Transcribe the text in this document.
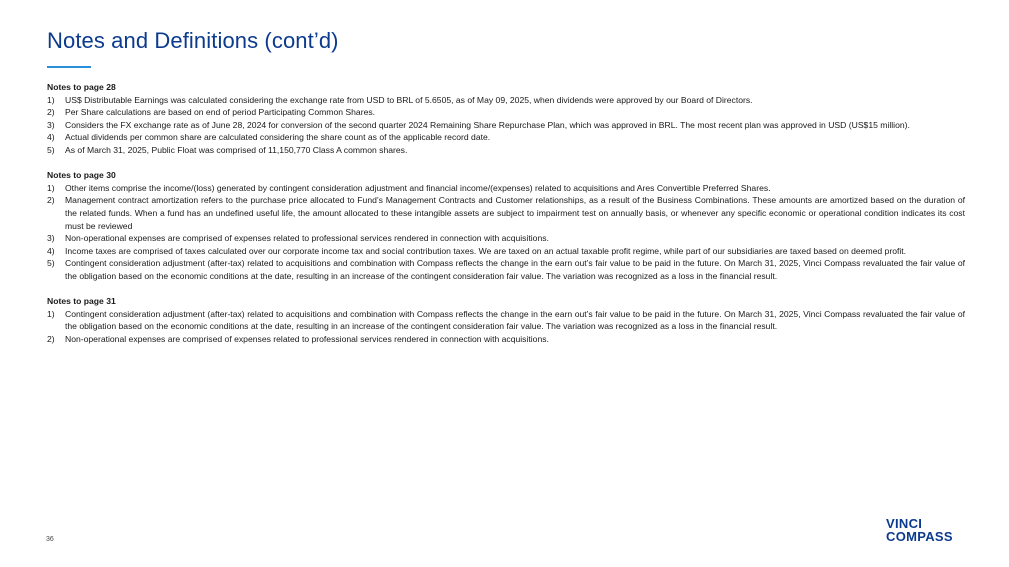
Notes and Definitions (cont’d)
Notes to page 28
1)	US$ Distributable Earnings was calculated considering the exchange rate from USD to BRL of 5.6505, as of May 09, 2025, when dividends were approved by our Board of Directors.
2)	Per Share calculations are based on end of period Participating Common Shares.
3)	Considers the FX exchange rate as of June 28, 2024 for conversion of the second quarter 2024 Remaining Share Repurchase Plan, which was approved in BRL. The most recent plan was approved in USD (US$15 million).
4)	Actual dividends per common share are calculated considering the share count as of the applicable record date.
5)	As of March 31, 2025, Public Float was comprised of 11,150,770 Class A common shares.
Notes to page 30
1)	Other items comprise the income/(loss) generated by contingent consideration adjustment and financial income/(expenses) related to acquisitions and Ares Convertible Preferred Shares.
2)	Management contract amortization refers to the purchase price allocated to Fund’s Management Contracts and Customer relationships, as a result of the Business Combinations. These amounts are amortized based on the duration of the related funds. When a fund has an undefined useful life, the amount allocated to these intangible assets are subject to impairment test on annually basis, or whenever any specific economic or operational condition indicates its cost must be reviewed
3)	Non-operational expenses are comprised of expenses related to professional services rendered in connection with acquisitions.
4)	Income taxes are comprised of taxes calculated over our corporate income tax and social contribution taxes. We are taxed on an actual taxable profit regime, while part of our subsidiaries are taxed based on deemed profit.
5)	Contingent consideration adjustment (after-tax) related to acquisitions and combination with Compass reflects the change in the earn out’s fair value to be paid in the future. On March 31, 2025, Vinci Compass revaluated the fair value of the obligation based on the economic conditions at the date, resulting in an increase of the contingent consideration fair value. The variation was recognized as a loss in the financial result.
Notes to page 31
1)	Contingent consideration adjustment (after-tax) related to acquisitions and combination with Compass reflects the change in the earn out’s fair value to be paid in the future. On March 31, 2025, Vinci Compass revaluated the fair value of the obligation based on the economic conditions at the date, resulting in an increase of the contingent consideration fair value. The variation was recognized as a loss in the financial result.
2)	Non-operational expenses are comprised of expenses related to professional services rendered in connection with acquisitions.
36
VINCI
COMPASS
